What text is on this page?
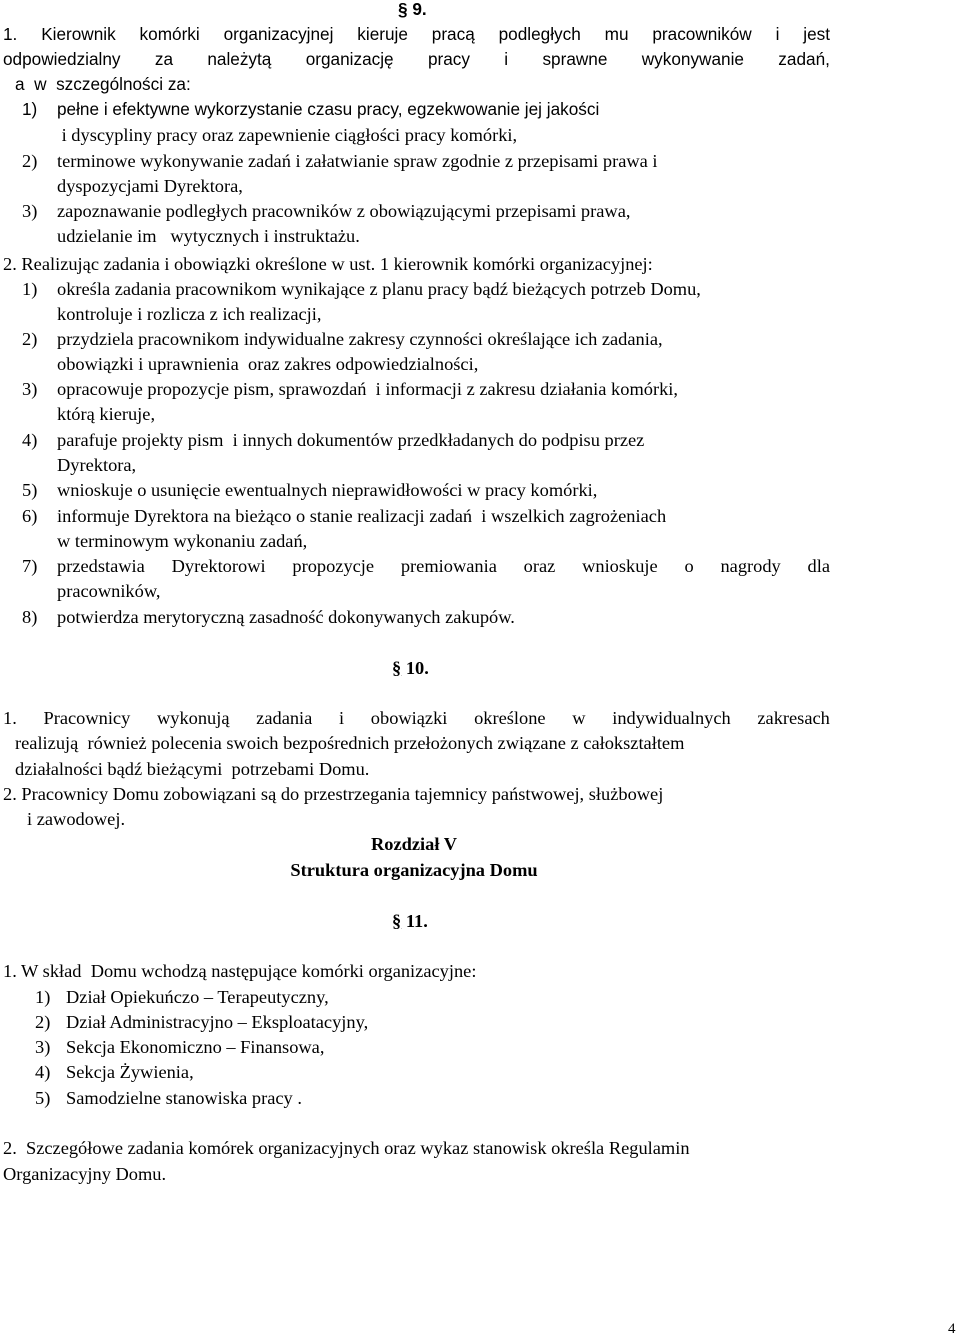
§ 9.
1. Kierownik komórki organizacyjnej kieruje pracą podległych mu pracowników i jest
odpowiedzialny za należytą organizację pracy i sprawne wykonywanie zadań,
a  w  szczególności za:
1) pełne i efektywne wykorzystanie czasu pracy, egzekwowanie jej jakości
i dyscypliny pracy oraz zapewnienie ciągłości pracy komórki,
2) terminowe wykonywanie zadań i załatwianie spraw zgodnie z przepisami prawa i
dyspozycjami Dyrektora,
3) zapoznawanie podległych pracowników z obowiązującymi przepisami prawa,
udzielanie im   wytycznych i instruktażu.
2. Realizując zadania i obowiązki określone w ust. 1 kierownik komórki organizacyjnej:
1) określa zadania pracownikom wynikające z planu pracy bądź bieżących potrzeb Domu,
kontroluje i rozlicza z ich realizacji,
2) przydziela pracownikom indywidualne zakresy czynności określające ich zadania,
obowiązki i uprawnienia  oraz zakres odpowiedzialności,
3) opracowuje propozycje pism, sprawozdań  i informacji z zakresu działania komórki,
którą kieruje,
4) parafuje projekty pism  i innych dokumentów przedkładanych do podpisu przez
Dyrektora,
5) wnioskuje o usunięcie ewentualnych nieprawidłowości w pracy komórki,
6) informuje Dyrektora na bieżąco o stanie realizacji zadań  i wszelkich zagrożeniach
w terminowym wykonaniu zadań,
7) przedstawia Dyrektorowi propozycje premiowania oraz wnioskuje o nagrody dla
pracowników,
8) potwierdza merytoryczną zasadność dokonywanych zakupów.
§ 10.
1. Pracownicy wykonują zadania i obowiązki określone w indywidualnych zakresach
realizują  również polecenia swoich bezpośrednich przełożonych związane z całokształtem
działalności bądź bieżącymi  potrzebami Domu.
2. Pracownicy Domu zobowiązani są do przestrzegania tajemnicy państwowej, służbowej
i zawodowej.
Rozdział V
Struktura organizacyjna Domu
§ 11.
1. W skład  Domu wchodzą następujące komórki organizacyjne:
1) Dział Opiekuńczo – Terapeutyczny,
2) Dział Administracyjno – Eksploatacyjny,
3) Sekcja Ekonomiczno – Finansowa,
4) Sekcja Żywienia,
5) Samodzielne stanowiska pracy .
2.  Szczegółowe zadania komórek organizacyjnych oraz wykaz stanowisk określa Regulamin
Organizacyjny Domu.
4
